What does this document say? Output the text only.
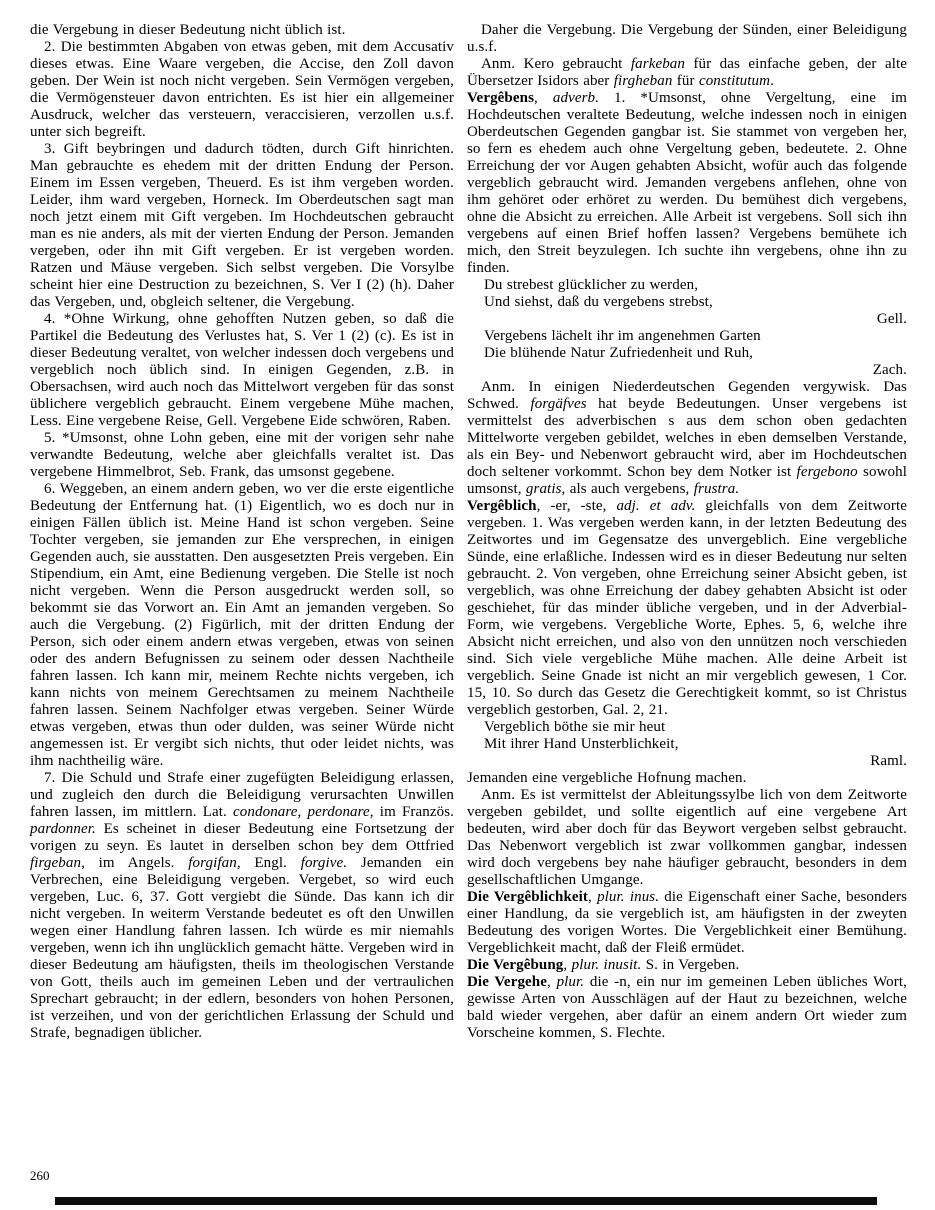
die Vergebung in dieser Bedeutung nicht üblich ist.

2. Die bestimmten Abgaben von etwas geben, mit dem Accusativ dieses etwas. Eine Waare vergeben, die Accise, den Zoll davon geben. Der Wein ist noch nicht vergeben. Sein Vermögen vergeben, die Vermögensteuer davon entrichten. Es ist hier ein allgemeiner Ausdruck, welcher das versteuern, veraccisieren, verzollen u.s.f. unter sich begreift.

3. Gift beybringen und dadurch tödten, durch Gift hinrichten. Man gebrauchte es ehedem mit der dritten Endung der Person. Einem im Essen vergeben, Theuerd. Es ist ihm vergeben worden. Leider, ihm ward vergeben, Horneck. Im Oberdeutschen sagt man noch jetzt einem mit Gift vergeben. Im Hochdeutschen gebraucht man es nie anders, als mit der vierten Endung der Person. Jemanden vergeben, oder ihn mit Gift vergeben. Er ist vergeben worden. Ratzen und Mäuse vergeben. Sich selbst vergeben. Die Vorsylbe scheint hier eine Destruction zu bezeichnen, S. Ver I (2) (h). Daher das Vergeben, und, obgleich seltener, die Vergebung.

4. *Ohne Wirkung, ohne gehofften Nutzen geben, so daß die Partikel die Bedeutung des Verlustes hat, S. Ver 1 (2) (c). Es ist in dieser Bedeutung veraltet, von welcher indessen doch vergebens und vergeblich noch üblich sind. In einigen Gegenden, z.B. in Obersachsen, wird auch noch das Mittelwort vergeben für das sonst üblichere vergeblich gebraucht. Einem vergebene Mühe machen, Less. Eine vergebene Reise, Gell. Vergebene Eide schwören, Raben.

5. *Umsonst, ohne Lohn geben, eine mit der vorigen sehr nahe verwandte Bedeutung, welche aber gleichfalls veraltet ist. Das vergebene Himmelbrot, Seb. Frank, das umsonst gegebene.

6. Weggeben, an einem andern geben, wo ver die erste eigentliche Bedeutung der Entfernung hat. (1) Eigentlich, wo es doch nur in einigen Fällen üblich ist. Meine Hand ist schon vergeben. Seine Tochter vergeben, sie jemanden zur Ehe versprechen, in einigen Gegenden auch, sie ausstatten. Den ausgesetzten Preis vergeben. Ein Stipendium, ein Amt, eine Bedienung vergeben. Die Stelle ist noch nicht vergeben. Wenn die Person ausgedruckt werden soll, so bekommt sie das Vorwort an. Ein Amt an jemanden vergeben. So auch die Vergebung. (2) Figürlich, mit der dritten Endung der Person, sich oder einem andern etwas vergeben, etwas von seinen oder des andern Befugnissen zu seinem oder dessen Nachtheile fahren lassen. Ich kann mir, meinem Rechte nichts vergeben, ich kann nichts von meinem Gerechtsamen zu meinem Nachtheile fahren lassen. Seinem Nachfolger etwas vergeben. Seiner Würde etwas vergeben, etwas thun oder dulden, was seiner Würde nicht angemessen ist. Er vergibt sich nichts, thut oder leidet nichts, was ihm nachtheilig wäre.

7. Die Schuld und Strafe einer zugefügten Beleidigung erlassen, und zugleich den durch die Beleidigung verursachten Unwillen fahren lassen, im mittlern. Lat. condonare, perdonare, im Französ. pardonner. Es scheinet in dieser Bedeutung eine Fortsetzung der vorigen zu seyn. Es lautet in derselben schon bey dem Ottfried firgeban, im Angels. forgifan, Engl. forgive. Jemanden ein Verbrechen, eine Beleidigung vergeben. Vergebet, so wird euch vergeben, Luc. 6, 37. Gott vergiebt die Sünde. Das kann ich dir nicht vergeben. In weiterm Verstande bedeutet es oft den Unwillen wegen einer Handlung fahren lassen. Ich würde es mir niemahls vergeben, wenn ich ihn unglücklich gemacht hätte. Vergeben wird in dieser Bedeutung am häufigsten, theils im theologischen Verstande von Gott, theils auch im gemeinen Leben und der vertraulichen Sprechart gebraucht; in der edlern, besonders von hohen Personen, ist verzeihen, und von der gerichtlichen Erlassung der Schuld und Strafe, begnadigen üblicher.

Daher die Vergebung. Die Vergebung der Sünden, einer Beleidigung u.s.f.

Anm. Kero gebraucht farkeban für das einfache geben, der alte Übersetzer Isidors aber firgheban für constitutum.

Vergêbens, adverb. 1. *Umsonst, ohne Vergeltung, eine im Hochdeutschen veraltete Bedeutung, welche indessen noch in einigen Oberdeutschen Gegenden gangbar ist. Sie stammet von vergeben her, so fern es ehedem auch ohne Vergeltung geben, bedeutete. 2. Ohne Erreichung der vor Augen gehabten Absicht, wofür auch das folgende vergeblich gebraucht wird. Jemanden vergebens anflehen, ohne von ihm gehöret oder erhöret zu werden. Du bemühest dich vergebens, ohne die Absicht zu erreichen. Alle Arbeit ist vergebens. Soll sich ihn vergebens auf einen Brief hoffen lassen? Vergebens bemühete ich mich, den Streit beyzulegen. Ich suchte ihn vergebens, ohne ihn zu finden.

Du strebest glücklicher zu werden,

Und siehst, daß du vergebens strebst,

Gell.

Vergebens lächelt ihr im angenehmen Garten

Die blühende Natur Zufriedenheit und Ruh,

Zach.

Anm. In einigen Niederdeutschen Gegenden vergywisk. Das Schwed. forgäfves hat beyde Bedeutungen. Unser vergebens ist vermittelst des adverbischen s aus dem schon oben gedachten Mittelworte vergeben gebildet, welches in eben demselben Verstande, als ein Bey- und Nebenwort gebraucht wird, aber im Hochdeutschen doch seltener vorkommt. Schon bey dem Notker ist fergebono sowohl umsonst, gratis, als auch vergebens, frustra.

Vergêblich, -er, -ste, adj. et adv. gleichfalls von dem Zeitworte vergeben. 1. Was vergeben werden kann, in der letzten Bedeutung des Zeitwortes und im Gegensatze des unvergeblich. Eine vergebliche Sünde, eine erlaßliche. Indessen wird es in dieser Bedeutung nur selten gebraucht. 2. Von vergeben, ohne Erreichung seiner Absicht geben, ist vergeblich, was ohne Erreichung der dabey gehabten Absicht ist oder geschiehet, für das minder übliche vergeben, und in der Adverbial-Form, wie vergebens. Vergebliche Worte, Ephes. 5, 6, welche ihre Absicht nicht erreichen, und also von den unnützen noch verschieden sind. Sich viele vergebliche Mühe machen. Alle deine Arbeit ist vergeblich. Seine Gnade ist nicht an mir vergeblich gewesen, 1 Cor. 15, 10. So durch das Gesetz die Gerechtigkeit kommt, so ist Christus vergeblich gestorben, Gal. 2, 21.

Vergeblich böthe sie mir heut

Mit ihrer Hand Unsterblichkeit,

Raml.

Jemanden eine vergebliche Hofnung machen.

Anm. Es ist vermittelst der Ableitungssylbe lich von dem Zeitworte vergeben gebildet, und sollte eigentlich auf eine vergebene Art bedeuten, wird aber doch für das Beywort vergeben selbst gebraucht. Das Nebenwort vergeblich ist zwar vollkommen gangbar, indessen wird doch vergebens bey nahe häufiger gebraucht, besonders in dem gesellschaftlichen Umgange.

Die Vergêblichkeit, plur. inus. die Eigenschaft einer Sache, besonders einer Handlung, da sie vergeblich ist, am häufigsten in der zweyten Bedeutung des vorigen Wortes. Die Vergeblichkeit einer Bemühung. Vergeblichkeit macht, daß der Fleiß ermüdet.

Die Vergêbung, plur. inusit. S. in Vergeben.

Die Vergehe, plur. die -n, ein nur im gemeinen Leben übliches Wort, gewisse Arten von Ausschlägen auf der Haut zu bezeichnen, welche bald wieder vergehen, aber dafür an einem andern Ort wieder zum Vorscheine kommen, S. Flechte.

260
